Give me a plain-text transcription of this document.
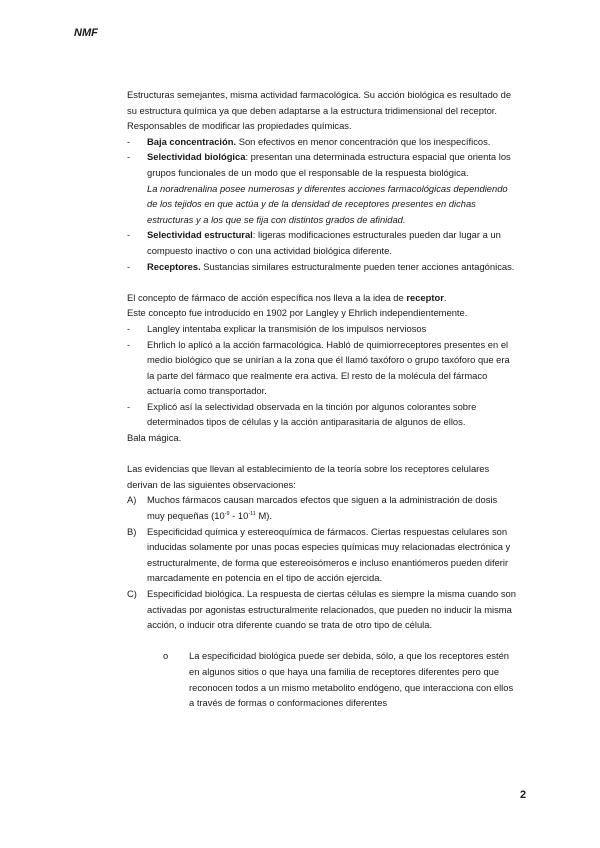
NMF

Estructuras semejantes, misma actividad farmacológica. Su acción biológica es resultado de su estructura química ya que deben adaptarse a la estructura tridimensional del receptor.

Responsables de modificar las propiedades químicas.

- Baja concentración. Son efectivos en menor concentración que los inespecíficos.
- Selectividad biológica: presentan una determinada estructura espacial que orienta los grupos funcionales de un modo que el responsable de la respuesta biológica.

La noradrenalina posee numerosas y diferentes acciones farmacológicas dependiendo de los tejidos en que actúa y de la densidad de receptores presentes en dichas estructuras y a los que se fija con distintos grados de afinidad.

- Selectividad estructural: ligeras modificaciones estructurales pueden dar lugar a un compuesto inactivo o con una actividad biológica diferente.
- Receptores. Sustancias similares estructuralmente pueden tener acciones antagónicas.

El concepto de fármaco de acción específica nos lleva a la idea de receptor.

Este concepto fue introducido en 1902 por Langley y Ehrlich independientemente.

- Langley intentaba explicar la transmisión de los impulsos nerviosos
- Ehrlich lo aplicó a la acción farmacológica. Habló de quimiorreceptores presentes en el medio biológico que se unirían a la zona que él llamó taxóforo o grupo taxóforo que era la parte del fármaco que realmente era activa. El resto de la molécula del fármaco actuaría como transportador.
- Explicó así la selectividad observada en la tinción por algunos colorantes sobre determinados tipos de células y la acción antiparasitaria de algunos de ellos.

Bala mágica.

Las evidencias que llevan al establecimiento de la teoría sobre los receptores celulares derivan de las siguientes observaciones:

A) Muchos fármacos causan marcados efectos que siguen a la administración de dosis muy pequeñas ($10^{-9} - 10^{-11}$ M).
B) Especificidad química y estereoquímica de fármacos. Ciertas respuestas celulares son inducidas solamente por unas pocas especies químicas muy relacionadas electrónica y estructuralmente, de forma que estereoisómeros e incluso enantiómeros pueden diferir marcadamente en potencia en el tipo de acción ejercida.
C) Especificidad biológica. La respuesta de ciertas células es siempre la misma cuando son activadas por agonistas estructuralmente relacionados, que pueden no inducir la misma acción, o inducir otra diferente cuando se trata de otro tipo de célula.
o La especificidad biológica puede ser debida, sólo, a que los receptores estén en algunos sitios o que haya una familia de receptores diferentes pero que reconocen todos a un mismo metabolito endógeno, que interacciona con ellos a través de formas o conformaciones diferentes
2
